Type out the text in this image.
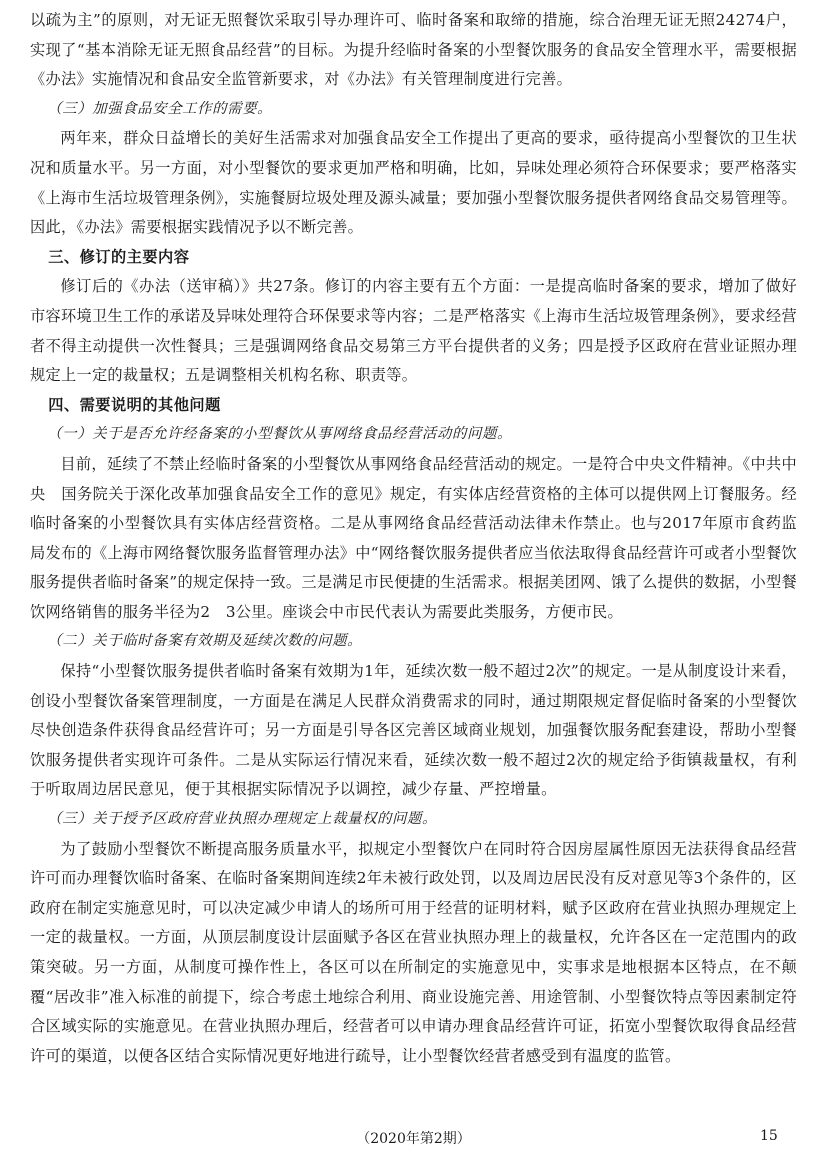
以疏为主”的原则，对无证无照餐饮采取引导办理许可、临时备案和取缔的措施，综合治理无证无照24274户，实现了“基本消除无证无照食品经营”的目标。为提升经临时备案的小型餐饮服务的食品安全管理水平，需要根据《办法》实施情况和食品安全监管新要求，对《办法》有关管理制度进行完善。

（三）加强食品安全工作的需要。

两年来，群众日益增长的美好生活需求对加强食品安全工作提出了更高的要求，亟待提高小型餐饮的卫生状况和质量水平。另一方面，对小型餐饮的要求更加严格和明确，比如，异味处理必须符合环保要求；要严格落实《上海市生活垃圾管理条例》，实施餐厨垃圾处理及源头减量；要加强小型餐饮服务提供者网络食品交易管理等。因此，《办法》需要根据实践情况予以不断完善。

三、修订的主要内容

修订后的《办法（送审稿）》共27条。修订的内容主要有五个方面：一是提高临时备案的要求，增加了做好市容环境卫生工作的承诺及异味处理符合环保要求等内容；二是严格落实《上海市生活垃圾管理条例》，要求经营者不得主动提供一次性餐具；三是强调网络食品交易第三方平台提供者的义务；四是授予区政府在营业证照办理规定上一定的裁量权；五是调整相关机构名称、职责等。

四、需要说明的其他问题

（一）关于是否允许经备案的小型餐饮从事网络食品经营活动的问题。

目前，延续了不禁止经临时备案的小型餐饮从事网络食品经营活动的规定。一是符合中央文件精神。《中共中央　国务院关于深化改革加强食品安全工作的意见》规定，有实体店经营资格的主体可以提供网上订餐服务。经临时备案的小型餐饮具有实体店经营资格。二是从事网络食品经营活动法律未作禁止。也与2017年原市食药监局发布的《上海市网络餐饮服务监督管理办法》中“网络餐饮服务提供者应当依法取得食品经营许可或者小型餐饮服务提供者临时备案”的规定保持一致。三是满足市民便捷的生活需求。根据美团网、饿了么提供的数据，小型餐饮网络销售的服务半径为2　3公里。座谈会中市民代表认为需要此类服务，方便市民。

（二）关于临时备案有效期及延续次数的问题。

保持“小型餐饮服务提供者临时备案有效期为1年，延续次数一般不超过2次”的规定。一是从制度设计来看，创设小型餐饮备案管理制度，一方面是在满足人民群众消费需求的同时，通过期限规定督促临时备案的小型餐饮尽快创造条件获得食品经营许可；另一方面是引导各区完善区域商业规划，加强餐饮服务配套建设，帮助小型餐饮服务提供者实现许可条件。二是从实际运行情况来看，延续次数一般不超过2次的规定给予街镇裁量权，有利于听取周边居民意见，便于其根据实际情况予以调控，减少存量、严控增量。

（三）关于授予区政府营业执照办理规定上裁量权的问题。

为了鼓励小型餐饮不断提高服务质量水平，拟规定小型餐饮户在同时符合因房屋属性原因无法获得食品经营许可而办理餐饮临时备案、在临时备案期间连续2年未被行政处罚，以及周边居民没有反对意见等3个条件的，区政府在制定实施意见时，可以决定减少申请人的场所可用于经营的证明材料，赋予区政府在营业执照办理规定上一定的裁量权。一方面，从顶层制度设计层面赋予各区在营业执照办理上的裁量权，允许各区在一定范围内的政策突破。另一方面，从制度可操作性上，各区可以在所制定的实施意见中，实事求是地根据本区特点，在不颠覆“居改非”准入标准的前提下，综合考虑土地综合利用、商业设施完善、用途管制、小型餐饮特点等因素制定符合区域实际的实施意见。在营业执照办理后，经营者可以申请办理食品经营许可证，拓宽小型餐饮取得食品经营许可的渠道，以便各区结合实际情况更好地进行疏导，让小型餐饮经营者感受到有温度的监管。

（2020年第2期）	15
